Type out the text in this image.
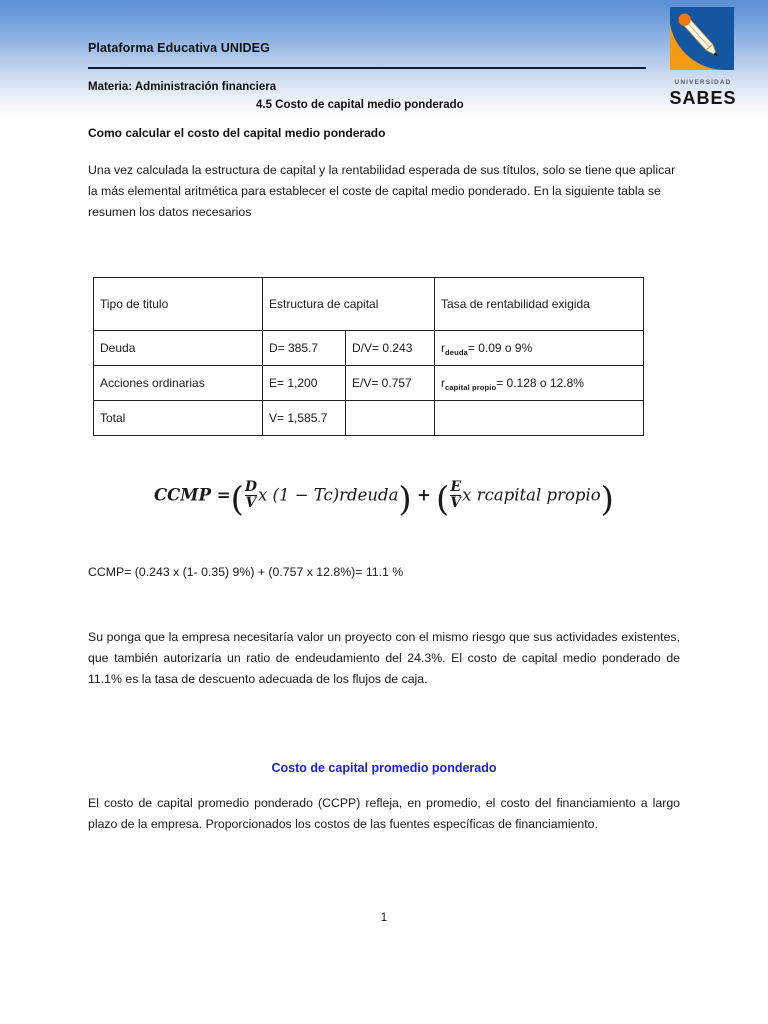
Plataforma Educativa UNIDEG
Materia: Administración financiera
4.5 Costo de capital medio ponderado
UNIVERSIDAD
SABES
Como calcular el costo del capital medio ponderado
Una vez calculada la estructura de capital y la rentabilidad esperada de sus títulos, solo se tiene que aplicar la más elemental aritmética para establecer el coste de capital medio ponderado. En la siguiente tabla se resumen los datos necesarios
Tipo de titulo	Estructura de capital		Tasa de rentabilidad exigida
Deuda	D= 385.7	D/V= 0.243	$r_{deuda}= 0.09$ o 9%
Acciones ordinarias	E= 1,200	E/V= 0.757	$r_{capital propio}= 0.128$ o 12.8%
Total	V= 1,585.7		
CCMP =( $\frac{D}{V}$ x (1 − Tc)rdeuda) + ( $\frac{E}{V}$ x rcapital propio)
CCMP= (0.243 x (1- 0.35) 9%) + (0.757 x 12.8%)= 11.1 %
Su ponga que la empresa necesitaría valor un proyecto con el mismo riesgo que sus actividades existentes, que también autorizaría un ratio de endeudamiento del 24.3%. El costo de capital medio ponderado de 11.1% es la tasa de descuento adecuada de los flujos de caja.
Costo de capital promedio ponderado
El costo de capital promedio ponderado (CCPP) refleja, en promedio, el costo del financiamiento a largo plazo de la empresa. Proporcionados los costos de las fuentes específicas de financiamiento.
1
